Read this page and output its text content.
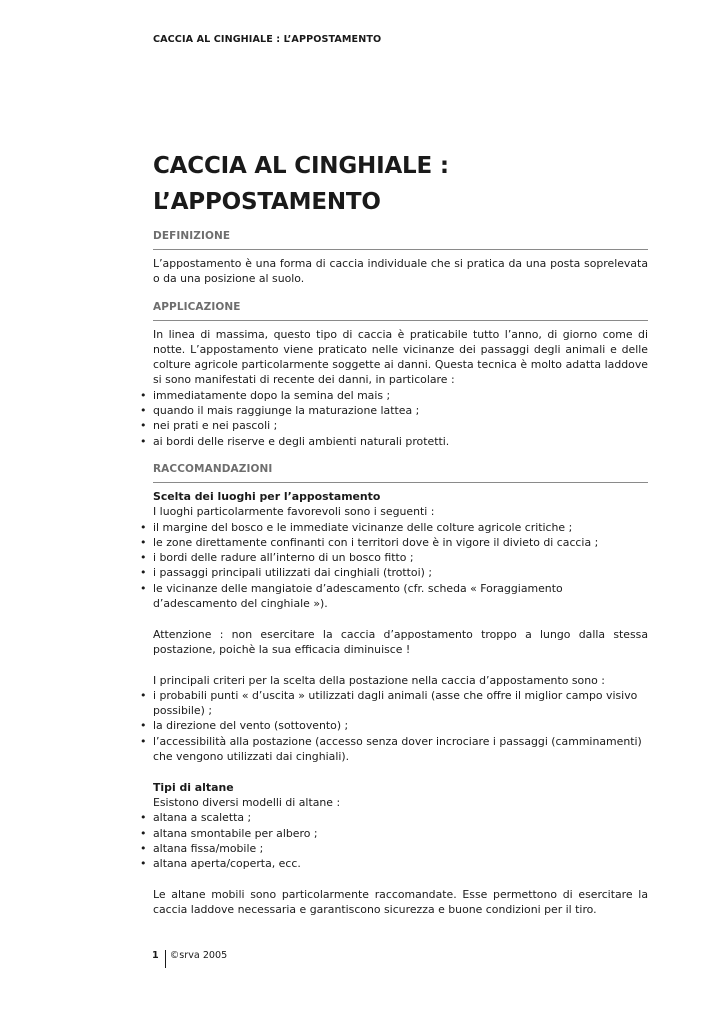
CACCIA AL CINGHIALE : L’APPOSTAMENTO
CACCIA AL CINGHIALE : L’APPOSTAMENTO
DEFINIZIONE
L’appostamento è una forma di caccia individuale che si pratica da una posta soprelevata o da una posizione al suolo.
APPLICAZIONE
In linea di massima, questo tipo di caccia è praticabile tutto l’anno, di giorno come di notte. L’appostamento viene praticato nelle vicinanze dei passaggi degli animali e delle colture agricole particolarmente soggette ai danni. Questa tecnica è molto adatta laddove si sono manifestati di recente dei danni, in particolare :
• immediatamente dopo la semina del mais ;
• quando il mais raggiunge la maturazione lattea ;
• nei prati e nei pascoli ;
• ai bordi delle riserve e degli ambienti naturali protetti.
RACCOMANDAZIONI
Scelta dei luoghi per l’appostamento
I luoghi particolarmente favorevoli sono i seguenti :
• il margine del bosco e le immediate vicinanze delle colture agricole critiche ;
• le zone direttamente confinanti con i territori dove è in vigore il divieto di caccia ;
• i bordi delle radure all’interno di un bosco fitto ;
• i passaggi principali utilizzati dai cinghiali (trottoi) ;
• le vicinanze delle mangiatoie d’adescamento (cfr. scheda « Foraggiamento d’adescamento del cinghiale »).
Attenzione : non esercitare la caccia d’appostamento troppo a lungo dalla stessa postazione, poichè la sua efficacia diminuisce !
I principali criteri per la scelta della postazione nella caccia d’appostamento sono :
• i probabili punti « d’uscita » utilizzati dagli animali (asse che offre il miglior campo visivo possibile) ;
• la direzione del vento (sottovento) ;
• l’accessibilità alla postazione (accesso senza dover incrociare i passaggi (camminamenti) che vengono utilizzati dai cinghiali).
Tipi di altane
Esistono diversi modelli di altane :
• altana a scaletta ;
• altana smontabile per albero ;
• altana fissa/mobile ;
• altana aperta/coperta, ecc.
Le altane mobili sono particolarmente raccomandate. Esse permettono di esercitare la caccia laddove necessaria e garantiscono sicurezza e buone condizioni per il tiro.
1 ©srva 2005
